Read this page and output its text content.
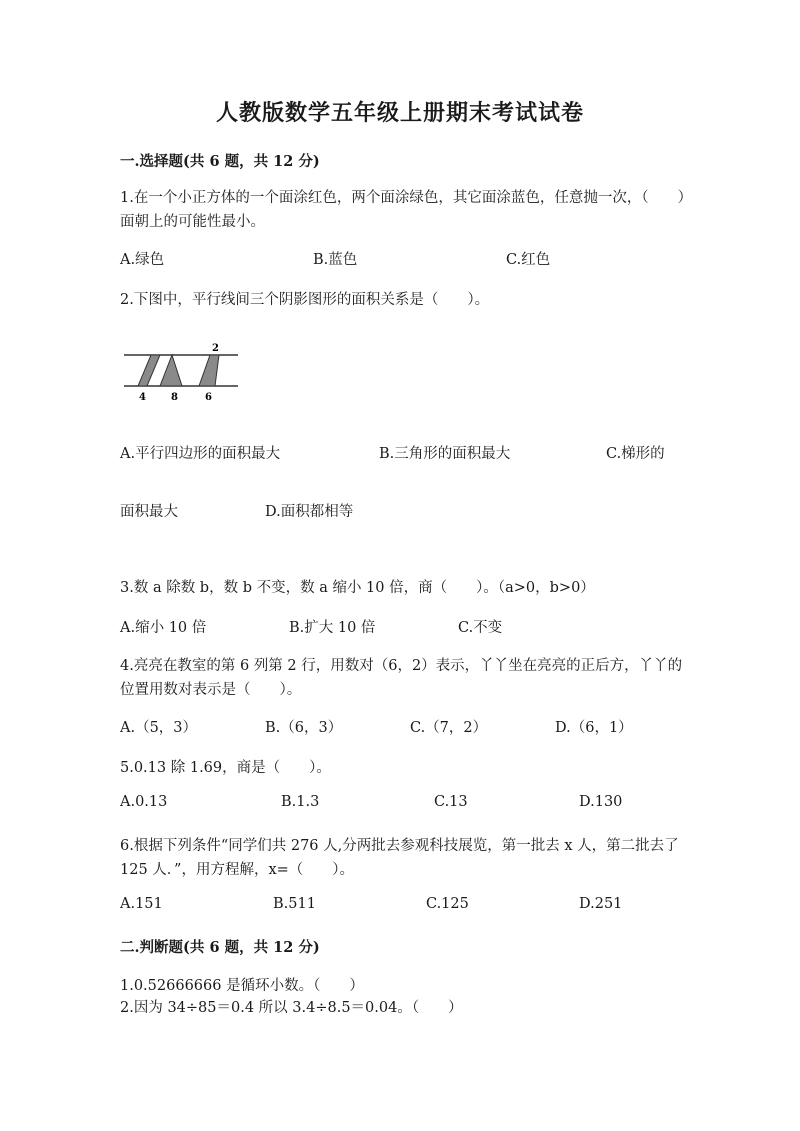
人教版数学五年级上册期末考试试卷
一.选择题(共 6 题，共 12 分)
1.在一个小正方体的一个面涂红色，两个面涂绿色，其它面涂蓝色，任意抛一次，（　　）面朝上的可能性最小。
A.绿色	B.蓝色	C.红色
2.下图中，平行线间三个阴影图形的面积关系是（　　）。
2
4	8	6
A.平行四边形的面积最大	B.三角形的面积最大	C.梯形的
面积最大	D.面积都相等
3.数 a 除数 b，数 b 不变，数 a 缩小 10 倍，商（　　）。（a>0，b>0）
A.缩小 10 倍	B.扩大 10 倍	C.不变
4.亮亮在教室的第 6 列第 2 行，用数对（6，2）表示，丫丫坐在亮亮的正后方，丫丫的位置用数对表示是（　　）。
A.（5，3）	B.（6，3）	C.（7，2）	D.（6，1）
5.0.13 除 1.69，商是（　　）。
A.0.13	B.1.3	C.13	D.130
6.根据下列条件“同学们共 276 人,分两批去参观科技展览，第一批去 x 人，第二批去了 125 人．”，用方程解，x=（　　）。
A.151	B.511	C.125	D.251
二.判断题(共 6 题，共 12 分)
1.0.52666666 是循环小数。（　　）
2.因为 34÷85＝0.4 所以 3.4÷8.5＝0.04。（　　）
